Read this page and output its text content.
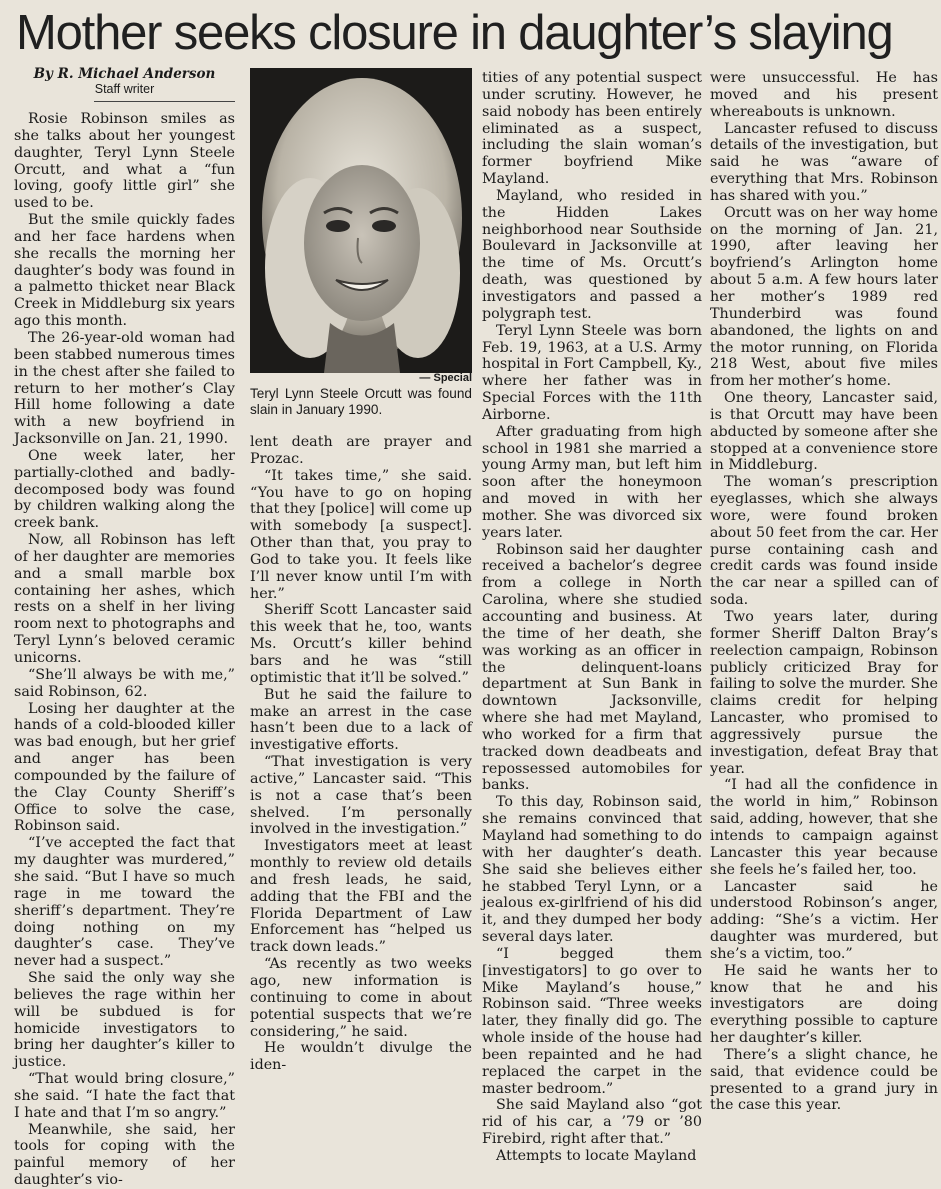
Mother seeks closure in daughter’s slaying
By R. Michael Anderson
Staff writer

Rosie Robinson smiles as she talks about her youngest daughter, Teryl Lynn Steele Orcutt, and what a “fun loving, goofy little girl” she used to be.

But the smile quickly fades and her face hardens when she recalls the morning her daughter’s body was found in a palmetto thicket near Black Creek in Middleburg six years ago this month.

The 26-year-old woman had been stabbed numerous times in the chest after she failed to return to her mother’s Clay Hill home following a date with a new boyfriend in Jacksonville on Jan. 21, 1990.

One week later, her partially-clothed and badly-decomposed body was found by children walking along the creek bank.

Now, all Robinson has left of her daughter are memories and a small marble box containing her ashes, which rests on a shelf in her living room next to photographs and Teryl Lynn’s beloved ceramic unicorns.

“She’ll always be with me,” said Robinson, 62.

Losing her daughter at the hands of a cold-blooded killer was bad enough, but her grief and anger has been compounded by the failure of the Clay County Sheriff’s Office to solve the case, Robinson said.

“I’ve accepted the fact that my daughter was murdered,” she said. “But I have so much rage in me toward the sheriff’s department. They’re doing nothing on my daughter’s case. They’ve never had a suspect.”

She said the only way she believes the rage within her will be subdued is for homicide investigators to bring her daughter’s killer to justice.

“That would bring closure,” she said. “I hate the fact that I hate and that I’m so angry.”

Meanwhile, she said, her tools for coping with the painful memory of her daughter’s vio-

— Special
Teryl Lynn Steele Orcutt was found slain in January 1990.

lent death are prayer and Prozac.

“It takes time,” she said. “You have to go on hoping that they [police] will come up with somebody [a suspect]. Other than that, you pray to God to take you. It feels like I’ll never know until I’m with her.”

Sheriff Scott Lancaster said this week that he, too, wants Ms. Orcutt’s killer behind bars and he was “still optimistic that it’ll be solved.”

But he said the failure to make an arrest in the case hasn’t been due to a lack of investigative efforts.

“That investigation is very active,” Lancaster said. “This is not a case that’s been shelved. I’m personally involved in the investigation.”

Investigators meet at least monthly to review old details and fresh leads, he said, adding that the FBI and the Florida Department of Law Enforcement has “helped us track down leads.”

“As recently as two weeks ago, new information is continuing to come in about potential suspects that we’re considering,” he said.

He wouldn’t divulge the iden-

tities of any potential suspect under scrutiny. However, he said nobody has been entirely eliminated as a suspect, including the slain woman’s former boyfriend Mike Mayland.

Mayland, who resided in the Hidden Lakes neighborhood near Southside Boulevard in Jacksonville at the time of Ms. Orcutt’s death, was questioned by investigators and passed a polygraph test.

Teryl Lynn Steele was born Feb. 19, 1963, at a U.S. Army hospital in Fort Campbell, Ky., where her father was in Special Forces with the 11th Airborne.

After graduating from high school in 1981 she married a young Army man, but left him soon after the honeymoon and moved in with her mother. She was divorced six years later.

Robinson said her daughter received a bachelor’s degree from a college in North Carolina, where she studied accounting and business. At the time of her death, she was working as an officer in the delinquent-loans department at Sun Bank in downtown Jacksonville, where she had met Mayland, who worked for a firm that tracked down deadbeats and repossessed automobiles for banks.

To this day, Robinson said, she remains convinced that Mayland had something to do with her daughter’s death. She said she believes either he stabbed Teryl Lynn, or a jealous ex-girlfriend of his did it, and they dumped her body several days later.

“I begged them [investigators] to go over to Mike Mayland’s house,” Robinson said. “Three weeks later, they finally did go. The whole inside of the house had been repainted and he had replaced the carpet in the master bedroom.”

She said Mayland also “got rid of his car, a ’79 or ’80 Firebird, right after that.”

Attempts to locate Mayland

were unsuccessful. He has moved and his present whereabouts is unknown.

Lancaster refused to discuss details of the investigation, but said he was “aware of everything that Mrs. Robinson has shared with you.”

Orcutt was on her way home on the morning of Jan. 21, 1990, after leaving her boyfriend’s Arlington home about 5 a.m. A few hours later her mother’s 1989 red Thunderbird was found abandoned, the lights on and the motor running, on Florida 218 West, about five miles from her mother’s home.

One theory, Lancaster said, is that Orcutt may have been abducted by someone after she stopped at a convenience store in Middleburg.

The woman’s prescription eyeglasses, which she always wore, were found broken about 50 feet from the car. Her purse containing cash and credit cards was found inside the car near a spilled can of soda.

Two years later, during former Sheriff Dalton Bray’s reelection campaign, Robinson publicly criticized Bray for failing to solve the murder. She claims credit for helping Lancaster, who promised to aggressively pursue the investigation, defeat Bray that year.

“I had all the confidence in the world in him,” Robinson said, adding, however, that she intends to campaign against Lancaster this year because she feels he’s failed her, too.

Lancaster said he understood Robinson’s anger, adding: “She’s a victim. Her daughter was murdered, but she’s a victim, too.”

He said he wants her to know that he and his investigators are doing everything possible to capture her daughter’s killer.

There’s a slight chance, he said, that evidence could be presented to a grand jury in the case this year.
